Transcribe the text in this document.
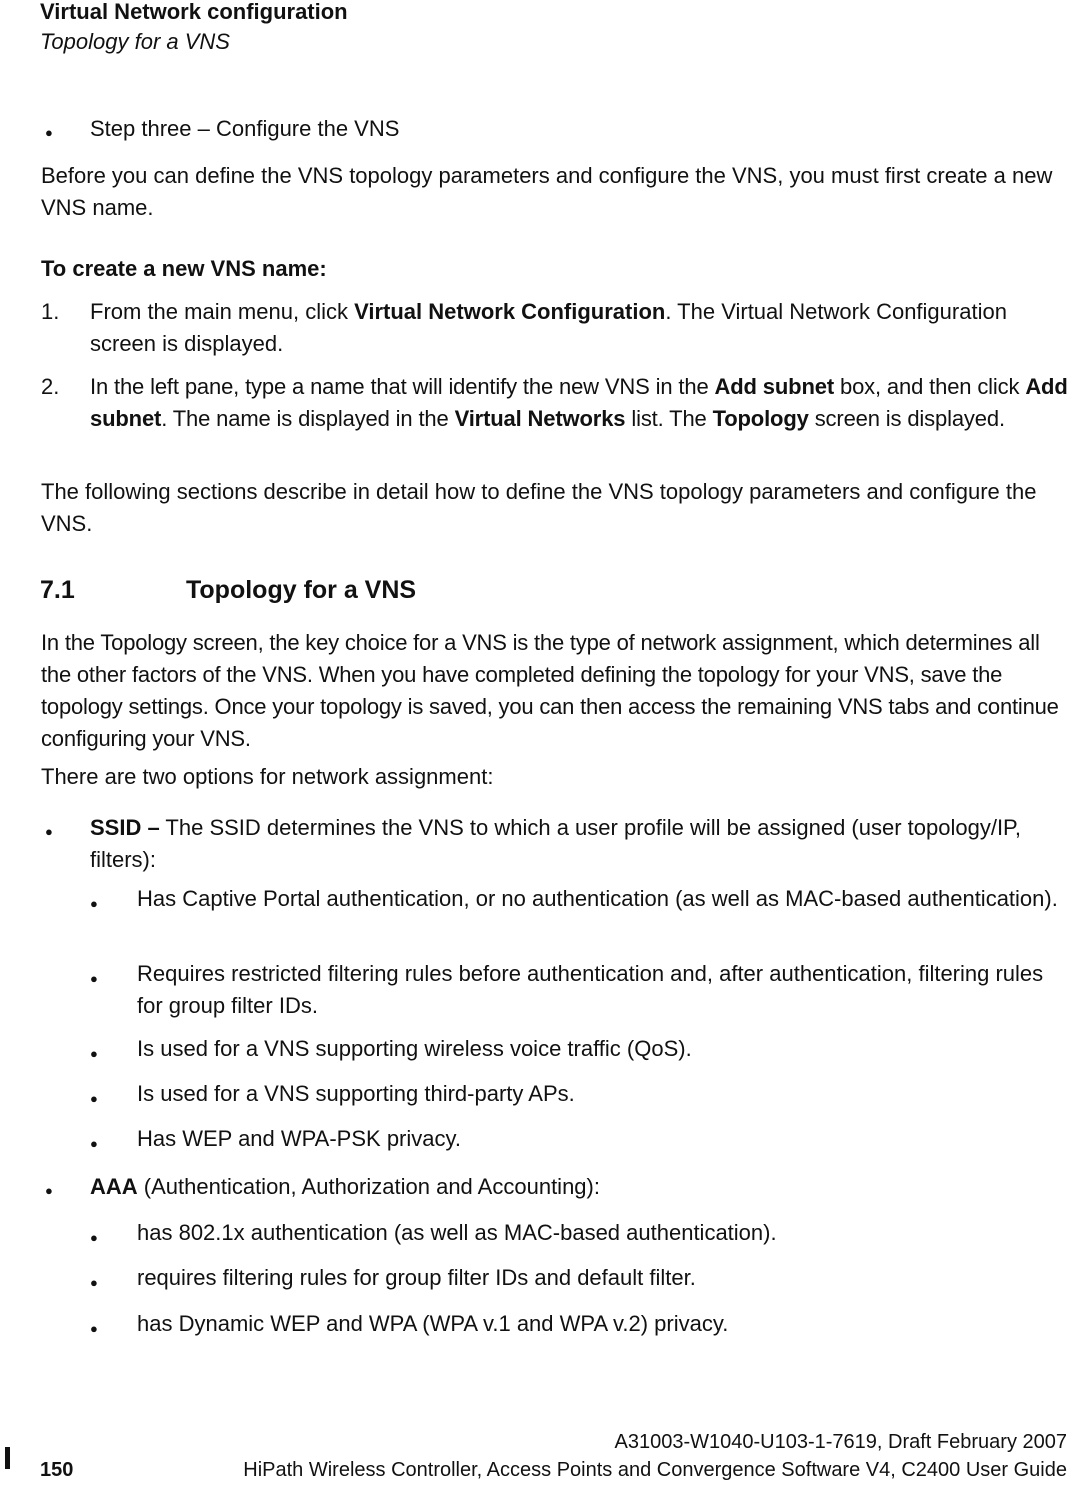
Virtual Network configuration
Topology for a VNS
● Step three – Configure the VNS
Before you can define the VNS topology parameters and configure the VNS, you must first create a new VNS name.
To create a new VNS name:
1. From the main menu, click Virtual Network Configuration. The Virtual Network Configuration screen is displayed.
2. In the left pane, type a name that will identify the new VNS in the Add subnet box, and then click Add subnet. The name is displayed in the Virtual Networks list. The Topology screen is displayed.
The following sections describe in detail how to define the VNS topology parameters and configure the VNS.
7.1	Topology for a VNS
In the Topology screen, the key choice for a VNS is the type of network assignment, which determines all the other factors of the VNS. When you have completed defining the topology for your VNS, save the topology settings. Once your topology is saved, you can then access the remaining VNS tabs and continue configuring your VNS.
There are two options for network assignment:
● SSID – The SSID determines the VNS to which a user profile will be assigned (user topology/IP, filters):
● Has Captive Portal authentication, or no authentication (as well as MAC-based authentication).
● Requires restricted filtering rules before authentication and, after authentication, filtering rules for group filter IDs.
● Is used for a VNS supporting wireless voice traffic (QoS).
● Is used for a VNS supporting third-party APs.
● Has WEP and WPA-PSK privacy.
● AAA (Authentication, Authorization and Accounting):
● has 802.1x authentication (as well as MAC-based authentication).
● requires filtering rules for group filter IDs and default filter.
● has Dynamic WEP and WPA (WPA v.1 and WPA v.2) privacy.
150
A31003-W1040-U103-1-7619, Draft February 2007
HiPath Wireless Controller, Access Points and Convergence Software V4, C2400 User Guide
